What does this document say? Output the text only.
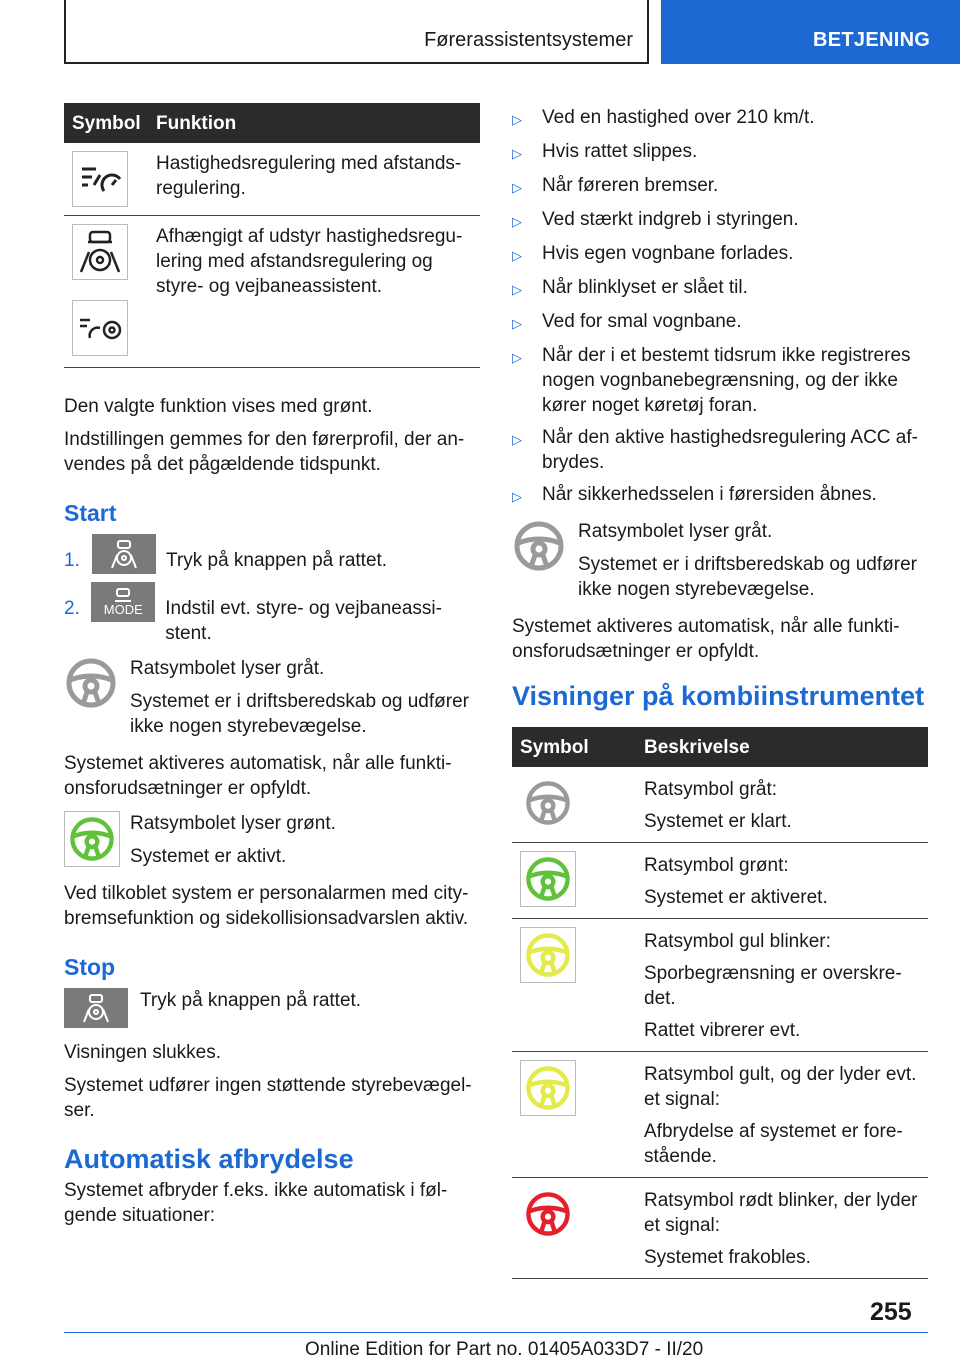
Førerassistentsystemer	BETJENING
Symbol Funktion
Hastighedsregulering med afstands-regulering.
Afhængigt af udstyr hastighedsregu-lering med afstandsregulering og styre- og vejbaneassistent.

Den valgte funktion vises med grønt.

Indstillingen gemmes for den førerprofil, der an-vendes på det pågældende tidspunkt.

Start
1.	Tryk på knappen på rattet.
2.	MODE Indstil evt. styre- og vejbaneassi-stent.

Ratsymbolet lyser gråt.

Systemet er i driftsberedskab og udfører ikke nogen styrebevægelse.

Systemet aktiveres automatisk, når alle funkti-onsforudsætninger er opfyldt.

Ratsymbolet lyser grønt.

Systemet er aktivt.

Ved tilkoblet system er personalarmen med city-bremsefunktion og sidekollisionsadvarslen aktiv.

Stop

Tryk på knappen på rattet.

Visningen slukkes.

Systemet udfører ingen støttende styrebevægel-ser.

Automatisk afbrydelse

Systemet afbryder f.eks. ikke automatisk i føl-gende situationer:

▷	Ved en hastighed over 210 km/t.
▷	Hvis rattet slippes.
▷	Når føreren bremser.
▷	Ved stærkt indgreb i styringen.
▷	Hvis egen vognbane forlades.
▷	Når blinklyset er slået til.
▷	Ved for smal vognbane.
▷	Når der i et bestemt tidsrum ikke registreres nogen vognbanebegrænsning, og der ikke kører noget køretøj foran.
▷	Når den aktive hastighedsregulering ACC af-brydes.
▷	Når sikkerhedsselen i førersiden åbnes.

Ratsymbolet lyser gråt.

Systemet er i driftsberedskab og udfører ikke nogen styrebevægelse.

Systemet aktiveres automatisk, når alle funkti-onsforudsætninger er opfyldt.

Visninger på kombiinstrumentet
Symbol	Beskrivelse

Ratsymbol gråt:

Systemet er klart.

Ratsymbol grønt:

Systemet er aktiveret.

Ratsymbol gul blinker:

Sporbegrænsning er overskre-det.

Rattet vibrerer evt.

Ratsymbol gult, og der lyder evt. et signal:

Afbrydelse af systemet er fore-stående.

Ratsymbol rødt blinker, der lyder et signal:

Systemet frakobles.

255
Online Edition for Part no. 01405A033D7 - II/20
